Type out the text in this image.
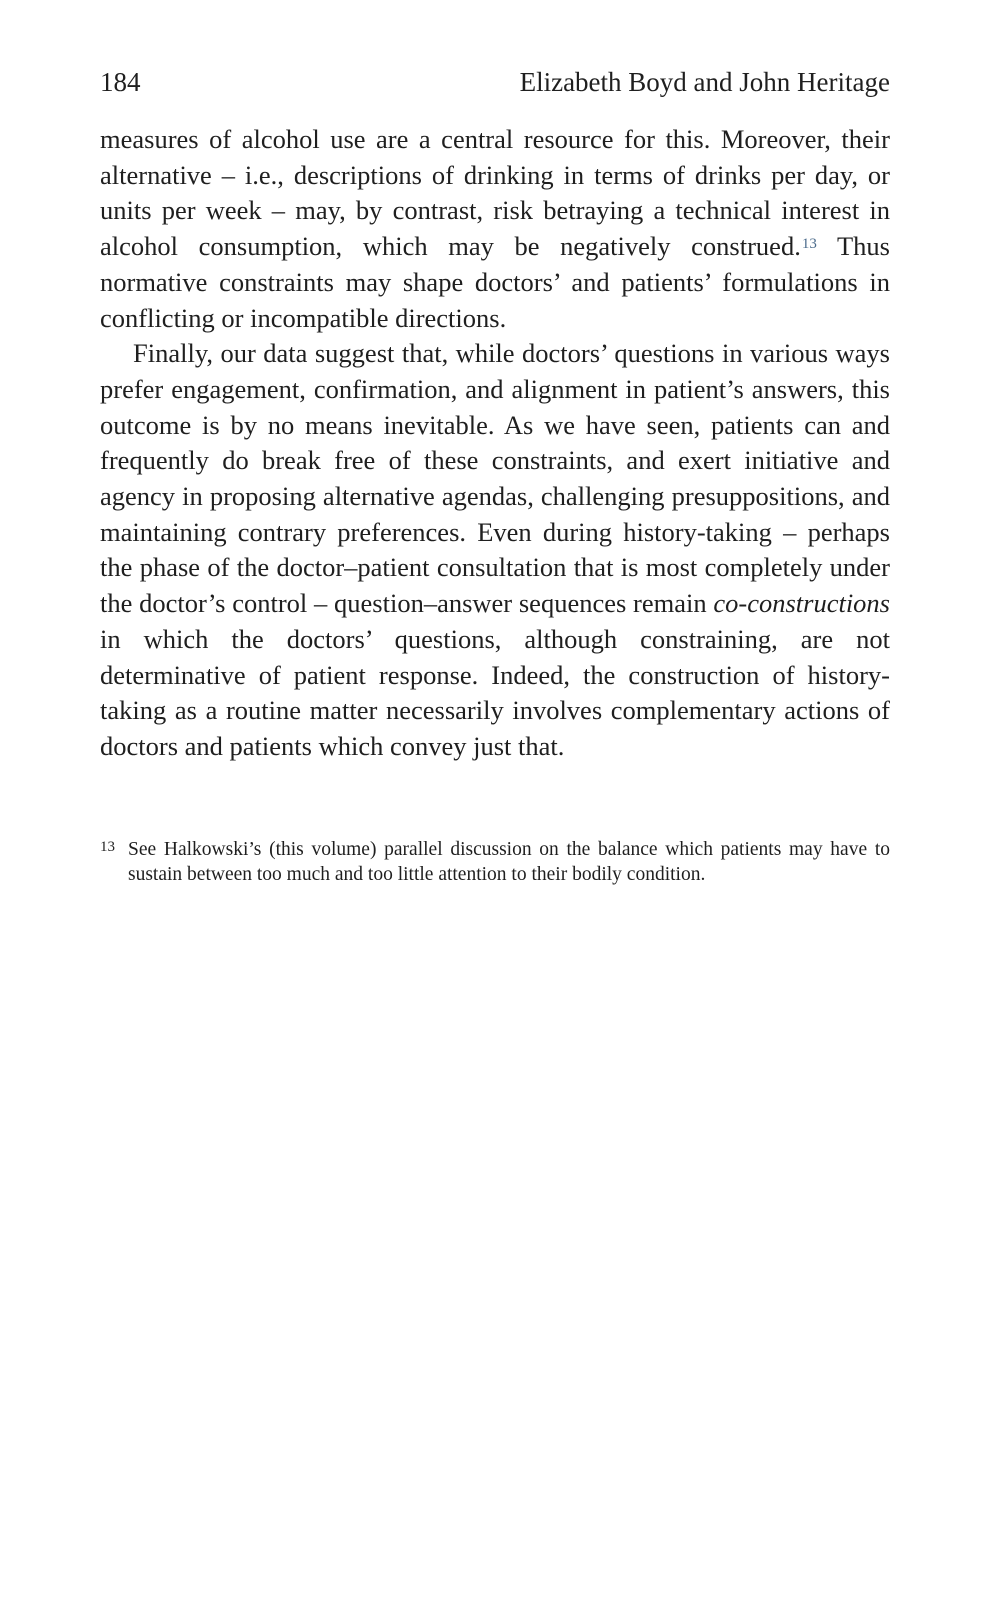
184	Elizabeth Boyd and John Heritage

measures of alcohol use are a central resource for this. Moreover, their alternative – i.e., descriptions of drinking in terms of drinks per day, or units per week – may, by contrast, risk betraying a technical interest in alcohol consumption, which may be negatively construed.$^{13}$ Thus normative constraints may shape doctors’ and patients’ formulations in conflicting or incompatible directions.

Finally, our data suggest that, while doctors’ questions in various ways prefer engagement, confirmation, and alignment in patient’s answers, this outcome is by no means inevitable. As we have seen, patients can and frequently do break free of these constraints, and exert initiative and agency in proposing alternative agendas, challenging presuppositions, and maintaining contrary preferences. Even during history-taking – perhaps the phase of the doctor–patient consultation that is most completely under the doctor’s control – question–answer sequences remain co-constructions in which the doctors’ questions, although constraining, are not determinative of patient response. Indeed, the construction of history-taking as a routine matter necessarily involves complementary actions of doctors and patients which convey just that.

13 See Halkowski’s (this volume) parallel discussion on the balance which patients may have to sustain between too much and too little attention to their bodily condition.
